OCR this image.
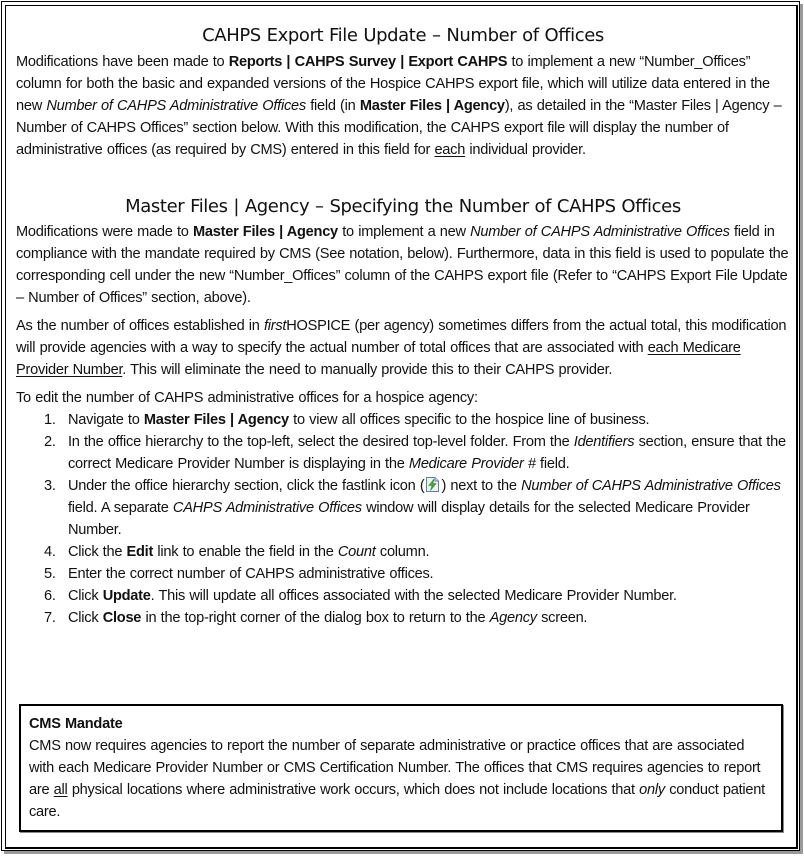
CAHPS Export File Update – Number of Offices

Modifications have been made to Reports | CAHPS Survey | Export CAHPS to implement a new “Number_Offices” column for both the basic and expanded versions of the Hospice CAHPS export file, which will utilize data entered in the new Number of CAHPS Administrative Offices field (in Master Files | Agency), as detailed in the “Master Files | Agency – Number of CAHPS Offices” section below. With this modification, the CAHPS export file will display the number of administrative offices (as required by CMS) entered in this field for each individual provider.

Master Files | Agency – Specifying the Number of CAHPS Offices

Modifications were made to Master Files | Agency to implement a new Number of CAHPS Administrative Offices field in compliance with the mandate required by CMS (See notation, below). Furthermore, data in this field is used to populate the corresponding cell under the new “Number_Offices” column of the CAHPS export file (Refer to “CAHPS Export File Update – Number of Offices” section, above).

As the number of offices established in firstHOSPICE (per agency) sometimes differs from the actual total, this modification will provide agencies with a way to specify the actual number of total offices that are associated with each Medicare Provider Number. This will eliminate the need to manually provide this to their CAHPS provider.

To edit the number of CAHPS administrative offices for a hospice agency:

1. Navigate to Master Files | Agency to view all offices specific to the hospice line of business.
2. In the office hierarchy to the top-left, select the desired top-level folder. From the Identifiers section, ensure that the correct Medicare Provider Number is displaying in the Medicare Provider # field.
3. Under the office hierarchy section, click the fastlink icon ( ) next to the Number of CAHPS Administrative Offices field. A separate CAHPS Administrative Offices window will display details for the selected Medicare Provider Number.
4. Click the Edit link to enable the field in the Count column.
5. Enter the correct number of CAHPS administrative offices.
6. Click Update. This will update all offices associated with the selected Medicare Provider Number.
7. Click Close in the top-right corner of the dialog box to return to the Agency screen.

CMS Mandate

CMS now requires agencies to report the number of separate administrative or practice offices that are associated with each Medicare Provider Number or CMS Certification Number. The offices that CMS requires agencies to report are all physical locations where administrative work occurs, which does not include locations that only conduct patient care.
